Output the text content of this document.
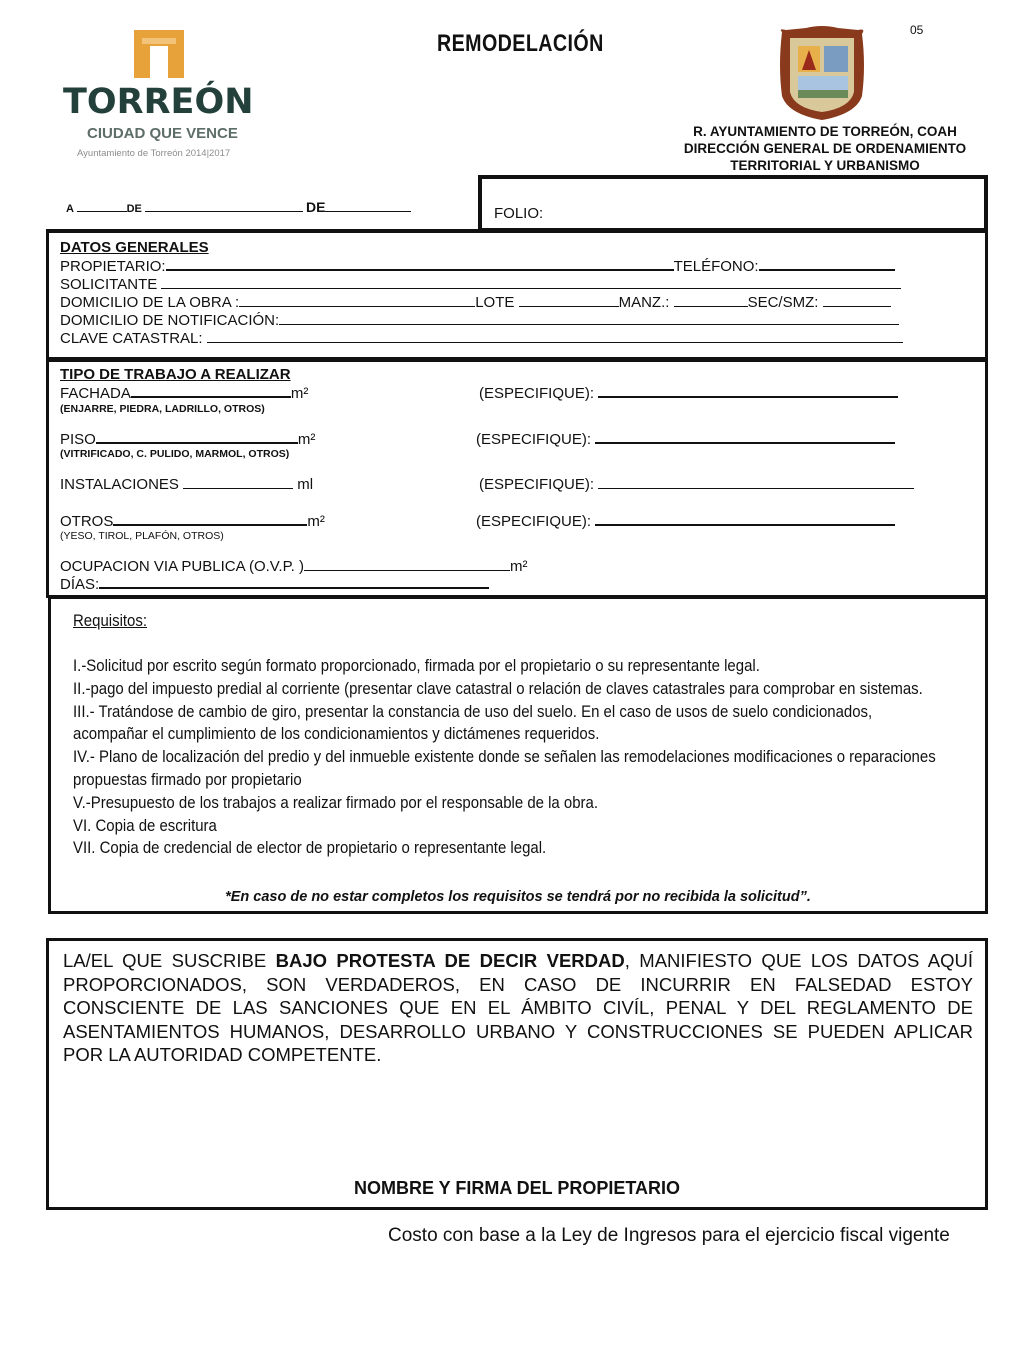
TORREÓN
CIUDAD QUE VENCE
Ayuntamiento de Torreón 2014|2017
REMODELACIÓN	05
R. AYUNTAMIENTO DE TORREÓN, COAH
DIRECCIÓN GENERAL DE ORDENAMIENTO
TERRITORIAL Y URBANISMO
A	DE	DE	FOLIO:
DATOS GENERALES
PROPIETARIO:	TELÉFONO:
SOLICITANTE
DOMICILIO DE LA OBRA :	LOTE	MANZ.:	SEC/SMZ:
DOMICILIO DE NOTIFICACIÓN:
CLAVE CATASTRAL:
TIPO DE TRABAJO A REALIZAR
FACHADA	m²	(ESPECIFIQUE):
(ENJARRE, PIEDRA, LADRILLO, OTROS)
PISO	m²	(ESPECIFIQUE):
(VITRIFICADO, C. PULIDO, MARMOL, OTROS)
INSTALACIONES	ml	(ESPECIFIQUE):
OTROS	m²	(ESPECIFIQUE):
(YESO, TIROL, PLAFÓN, OTROS)
OCUPACION VIA PUBLICA (O.V.P. )	m²
DÍAS:
Requisitos:
I.-Solicitud por escrito según formato proporcionado, firmada por el propietario o su representante legal.
II.-pago del impuesto predial al corriente (presentar clave catastral o relación de claves catastrales para comprobar en sistemas.
III.- Tratándose de cambio de giro, presentar la constancia de uso del suelo. En el caso de usos de suelo condicionados,
acompañar el cumplimiento de los condicionamientos y dictámenes requeridos.
IV.- Plano de localización del predio y del inmueble existente donde se señalen las remodelaciones modificaciones o reparaciones
propuestas firmado por propietario
V.-Presupuesto de los trabajos a realizar firmado por el responsable de la obra.
VI. Copia de escritura
VII. Copia de credencial de elector de propietario o representante legal.
*En caso de no estar completos los requisitos se tendrá por no recibida la solicitud”.
LA/EL QUE SUSCRIBE BAJO PROTESTA DE DECIR VERDAD, MANIFIESTO QUE LOS DATOS AQUÍ PROPORCIONADOS, SON VERDADEROS, EN CASO DE INCURRIR EN FALSEDAD ESTOY CONSCIENTE DE LAS SANCIONES QUE EN EL ÁMBITO CIVÍL, PENAL Y DEL REGLAMENTO DE ASENTAMIENTOS HUMANOS, DESARROLLO URBANO Y CONSTRUCCIONES SE PUEDEN APLICAR POR LA AUTORIDAD COMPETENTE.
NOMBRE Y FIRMA DEL PROPIETARIO
Costo con base a la Ley de Ingresos para el ejercicio fiscal vigente
